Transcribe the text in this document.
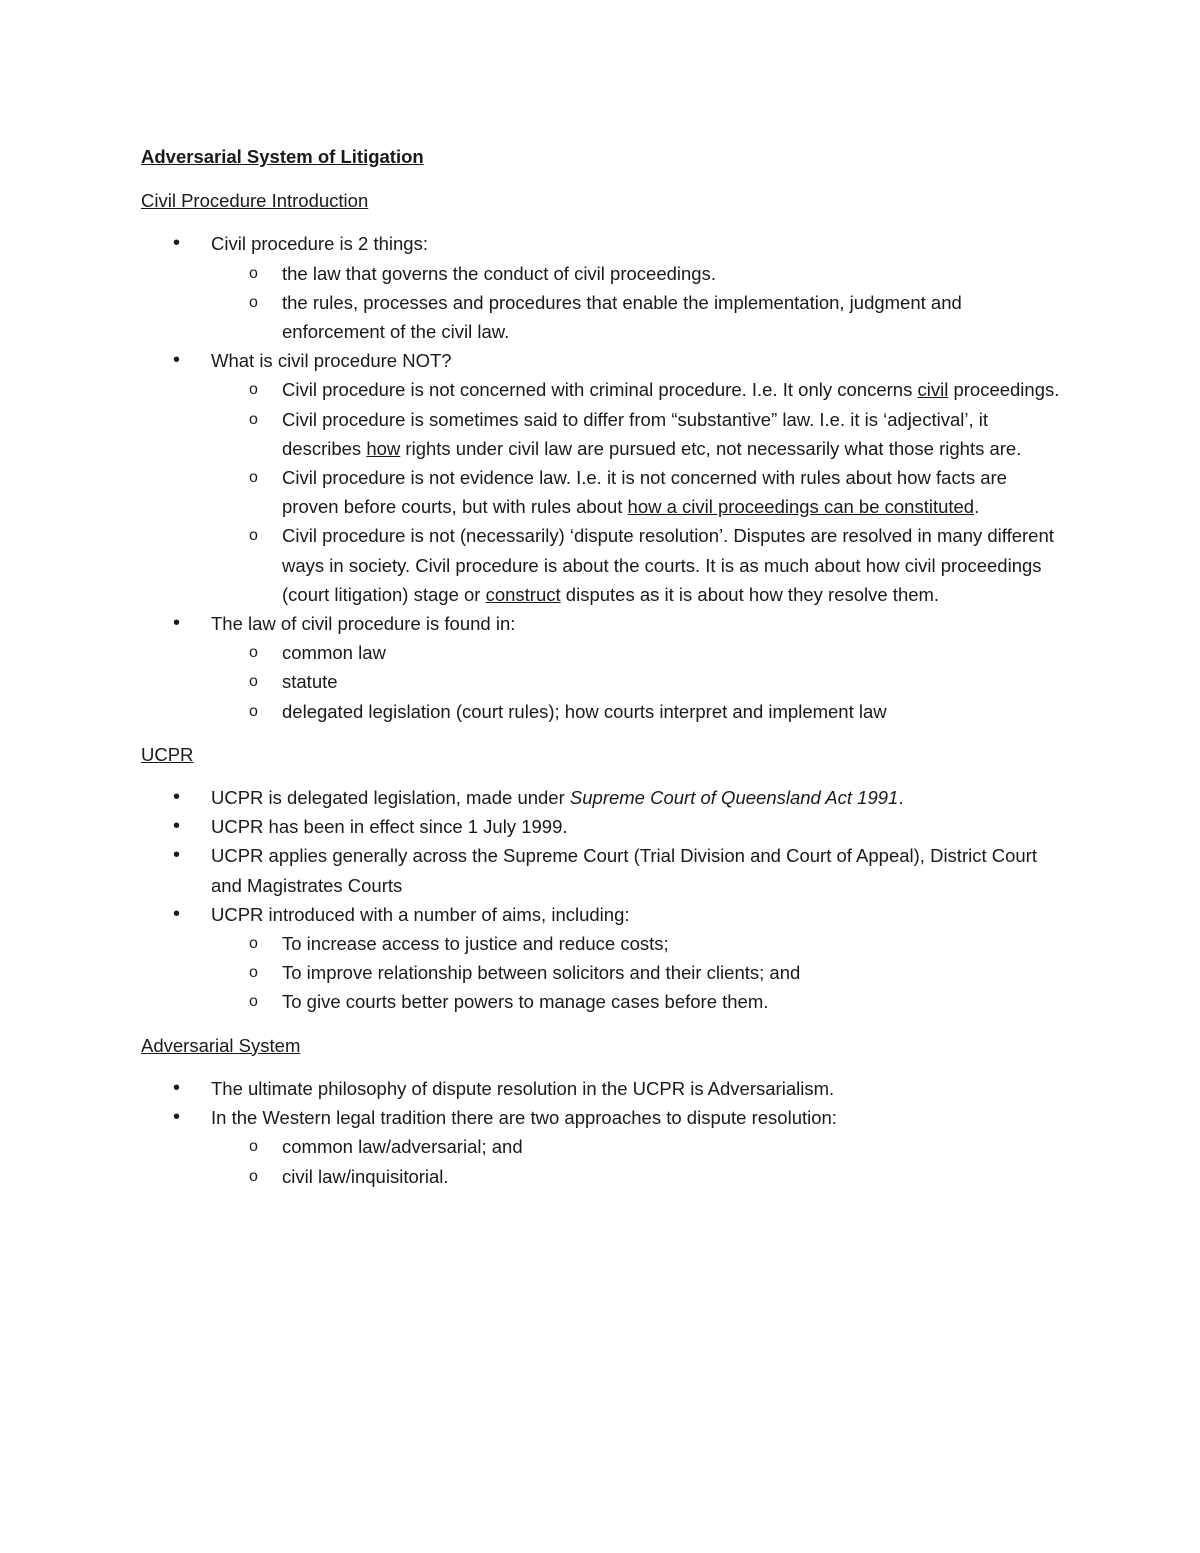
Adversarial System of Litigation

Civil Procedure Introduction

• Civil procedure is 2 things:
o the law that governs the conduct of civil proceedings.
o the rules, processes and procedures that enable the implementation, judgment and enforcement of the civil law.
• What is civil procedure NOT?
o Civil procedure is not concerned with criminal procedure. I.e. It only concerns civil proceedings.
o Civil procedure is sometimes said to differ from “substantive” law. I.e. it is ‘adjectival’, it describes how rights under civil law are pursued etc, not necessarily what those rights are.
o Civil procedure is not evidence law. I.e. it is not concerned with rules about how facts are proven before courts, but with rules about how a civil proceedings can be constituted.
o Civil procedure is not (necessarily) ‘dispute resolution’. Disputes are resolved in many different ways in society. Civil procedure is about the courts. It is as much about how civil proceedings (court litigation) stage or construct disputes as it is about how they resolve them.
• The law of civil procedure is found in:
o common law
o statute
o delegated legislation (court rules); how courts interpret and implement law

UCPR

• UCPR is delegated legislation, made under Supreme Court of Queensland Act 1991.
• UCPR has been in effect since 1 July 1999.
• UCPR applies generally across the Supreme Court (Trial Division and Court of Appeal), District Court and Magistrates Courts
• UCPR introduced with a number of aims, including:
o To increase access to justice and reduce costs;
o To improve relationship between solicitors and their clients; and
o To give courts better powers to manage cases before them.

Adversarial System

• The ultimate philosophy of dispute resolution in the UCPR is Adversarialism.
• In the Western legal tradition there are two approaches to dispute resolution:
o common law/adversarial; and
o civil law/inquisitorial.
